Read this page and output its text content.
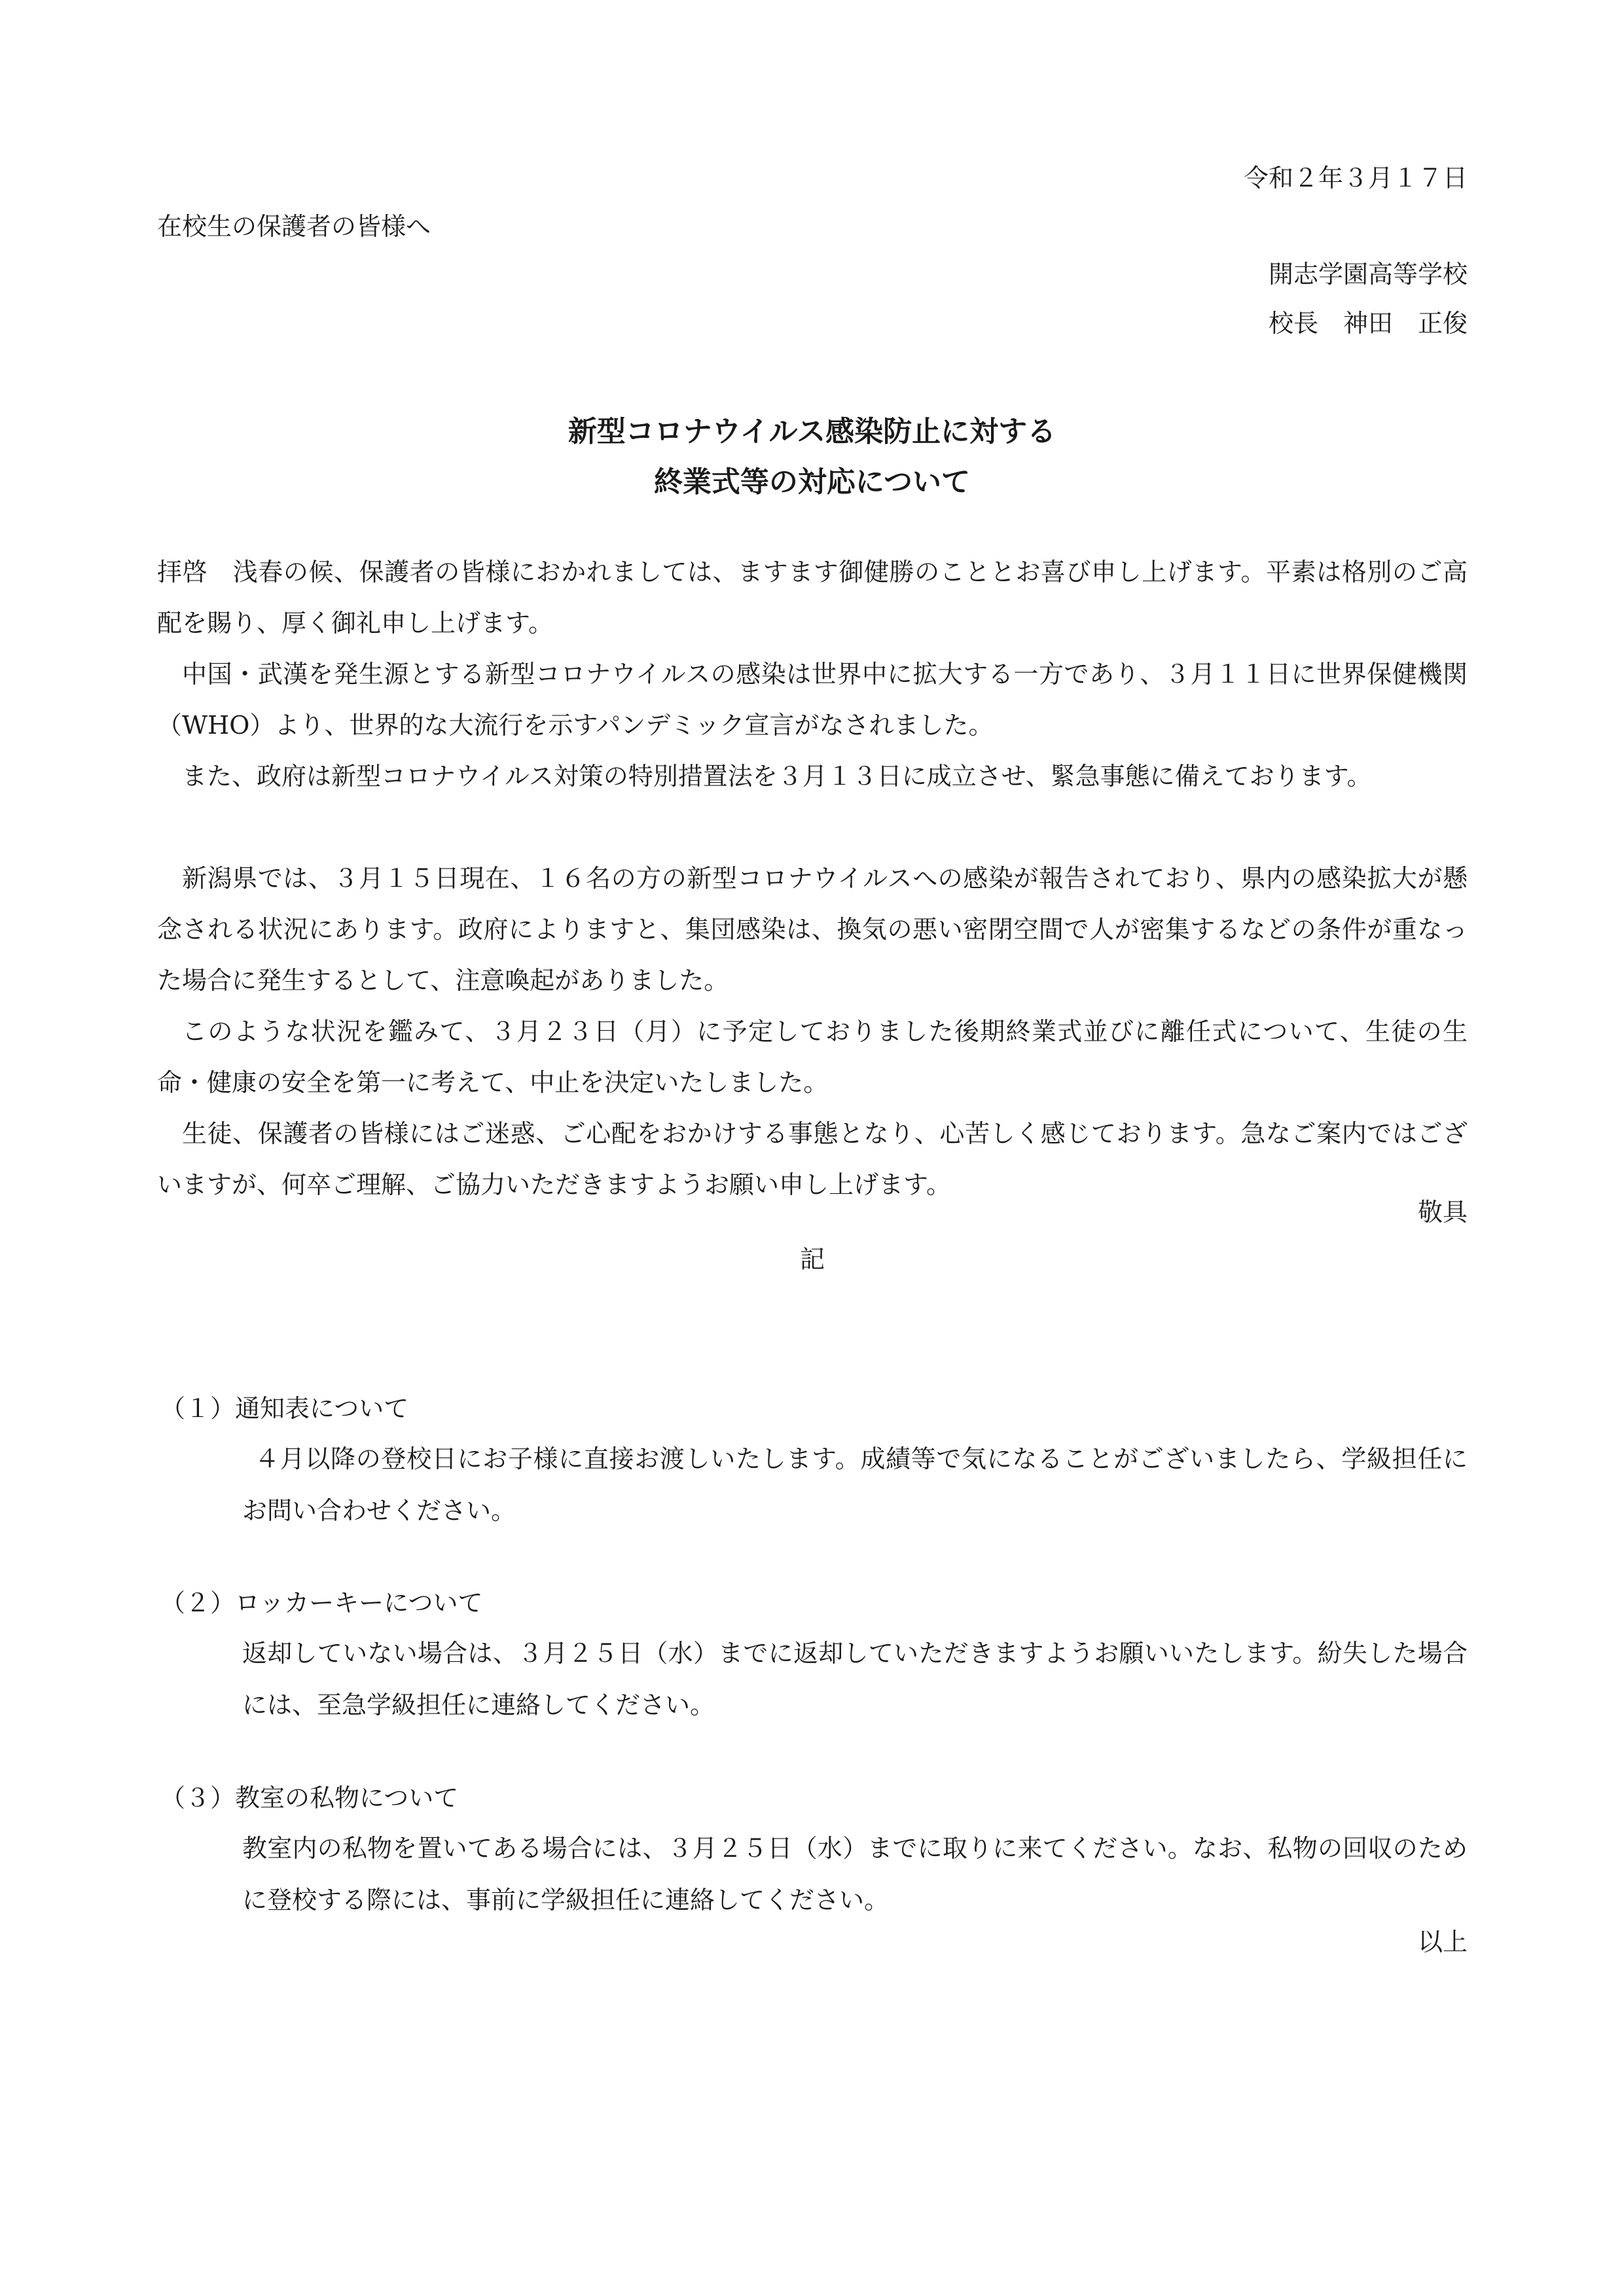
令和２年３月１７日

在校生の保護者の皆様へ

開志学園高等学校

校長　神田　正俊

新型コロナウイルス感染防止に対する

終業式等の対応について

拝啓　浅春の候、保護者の皆様におかれましては、ますます御健勝のこととお喜び申し上げます。平素は格別のご高配を賜り、厚く御礼申し上げます。

中国・武漢を発生源とする新型コロナウイルスの感染は世界中に拡大する一方であり、３月１１日に世界保健機関（WHO）より、世界的な大流行を示すパンデミック宣言がなされました。

また、政府は新型コロナウイルス対策の特別措置法を３月１３日に成立させ、緊急事態に備えております。

新潟県では、３月１５日現在、１６名の方の新型コロナウイルスへの感染が報告されており、県内の感染拡大が懸念される状況にあります。政府によりますと、集団感染は、換気の悪い密閉空間で人が密集するなどの条件が重なった場合に発生するとして、注意喚起がありました。

このような状況を鑑みて、３月２３日（月）に予定しておりました後期終業式並びに離任式について、生徒の生命・健康の安全を第一に考えて、中止を決定いたしました。

生徒、保護者の皆様にはご迷惑、ご心配をおかけする事態となり、心苦しく感じております。急なご案内ではございますが、何卒ご理解、ご協力いただきますようお願い申し上げます。

敬具

記

（１）通知表について

４月以降の登校日にお子様に直接お渡しいたします。成績等で気になることがございましたら、学級担任にお問い合わせください。

（２）ロッカーキーについて

返却していない場合は、３月２５日（水）までに返却していただきますようお願いいたします。紛失した場合には、至急学級担任に連絡してください。

（３）教室の私物について

教室内の私物を置いてある場合には、３月２５日（水）までに取りに来てください。なお、私物の回収のために登校する際には、事前に学級担任に連絡してください。

以上
